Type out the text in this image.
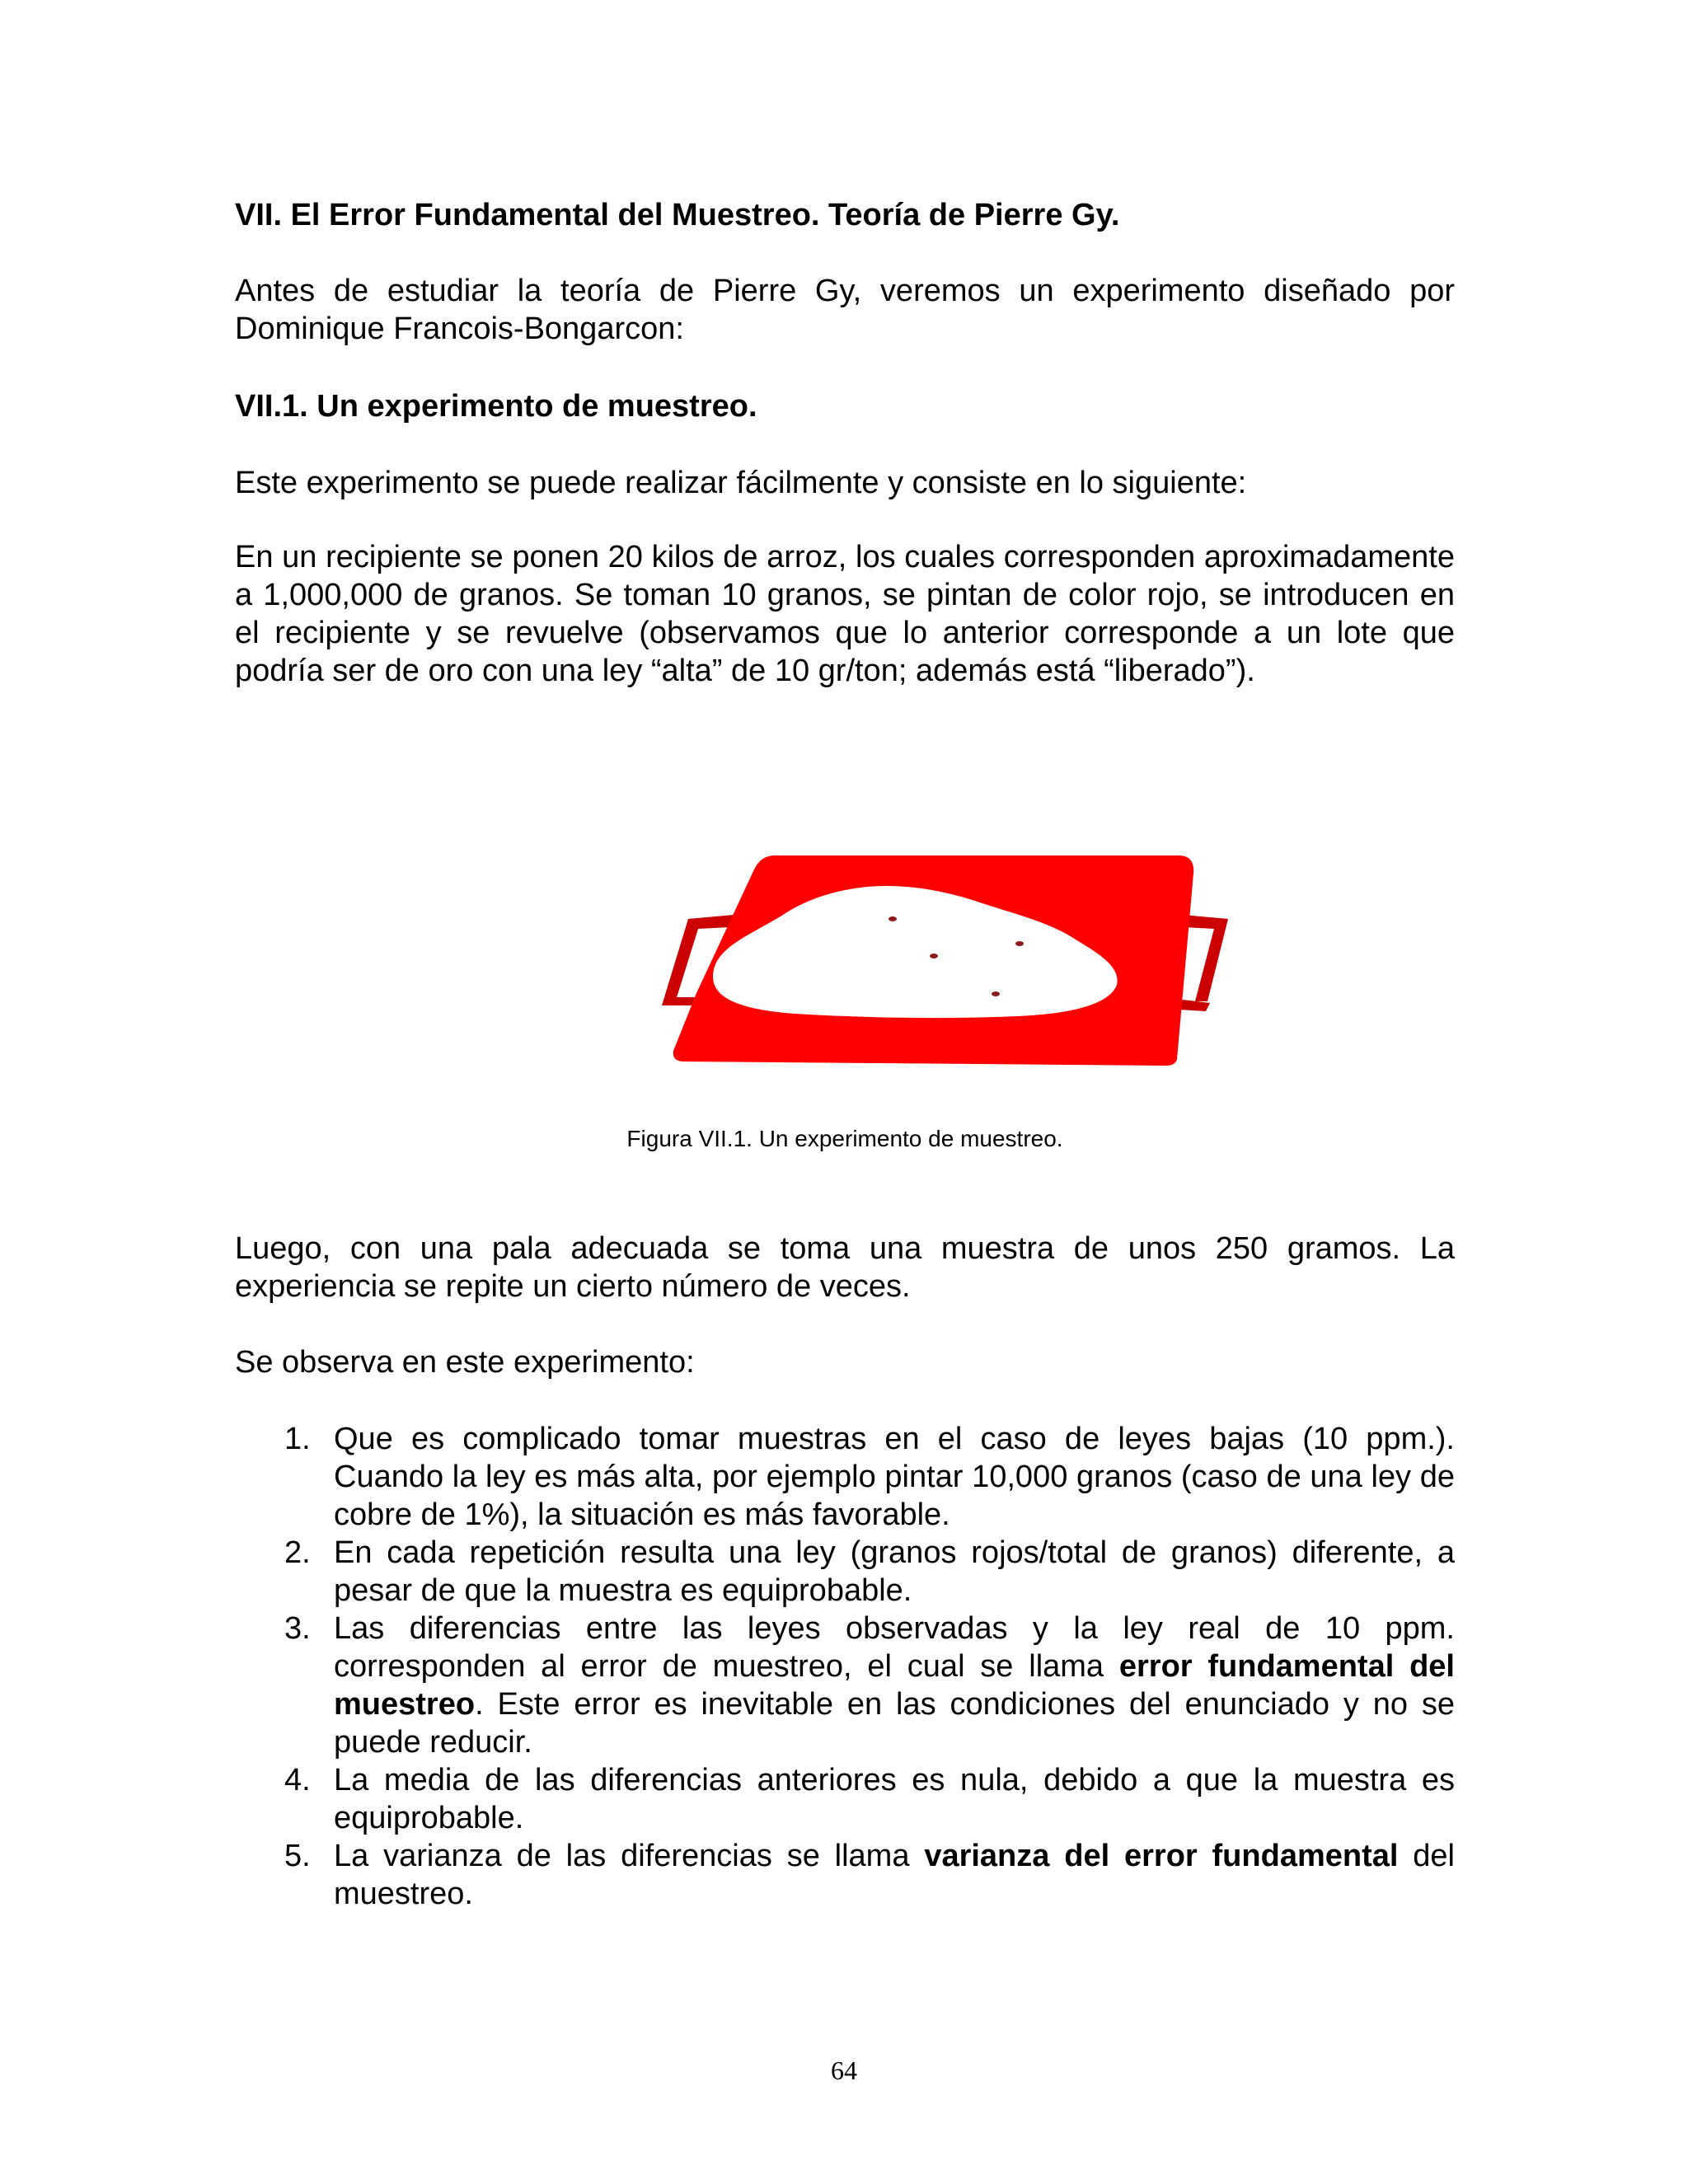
VII. El Error Fundamental del Muestreo. Teoría de Pierre Gy.
Antes de estudiar la teoría de Pierre Gy, veremos un experimento diseñado por Dominique Francois-Bongarcon:
VII.1. Un experimento de muestreo.
Este experimento se puede realizar fácilmente y consiste en lo siguiente:
En un recipiente se ponen 20 kilos de arroz, los cuales corresponden aproximadamente a 1,000,000 de granos. Se toman 10 granos, se pintan de color rojo, se introducen en el recipiente y se revuelve (observamos que lo anterior corresponde a un lote que podría ser de oro con una ley “alta” de 10 gr/ton; además está “liberado”).
Figura VII.1. Un experimento de muestreo.
Luego, con una pala adecuada se toma una muestra de unos 250 gramos. La experiencia se repite un cierto número de veces.
Se observa en este experimento:
1. Que es complicado tomar muestras en el caso de leyes bajas (10 ppm.). Cuando la ley es más alta, por ejemplo pintar 10,000 granos (caso de una ley de cobre de 1%), la situación es más favorable.
2. En cada repetición resulta una ley (granos rojos/total de granos) diferente, a pesar de que la muestra es equiprobable.
3. Las diferencias entre las leyes observadas y la ley real de 10 ppm. corresponden al error de muestreo, el cual se llama error fundamental del muestreo. Este error es inevitable en las condiciones del enunciado y no se puede reducir.
4. La media de las diferencias anteriores es nula, debido a que la muestra es equiprobable.
5. La varianza de las diferencias se llama varianza del error fundamental del muestreo.
64
